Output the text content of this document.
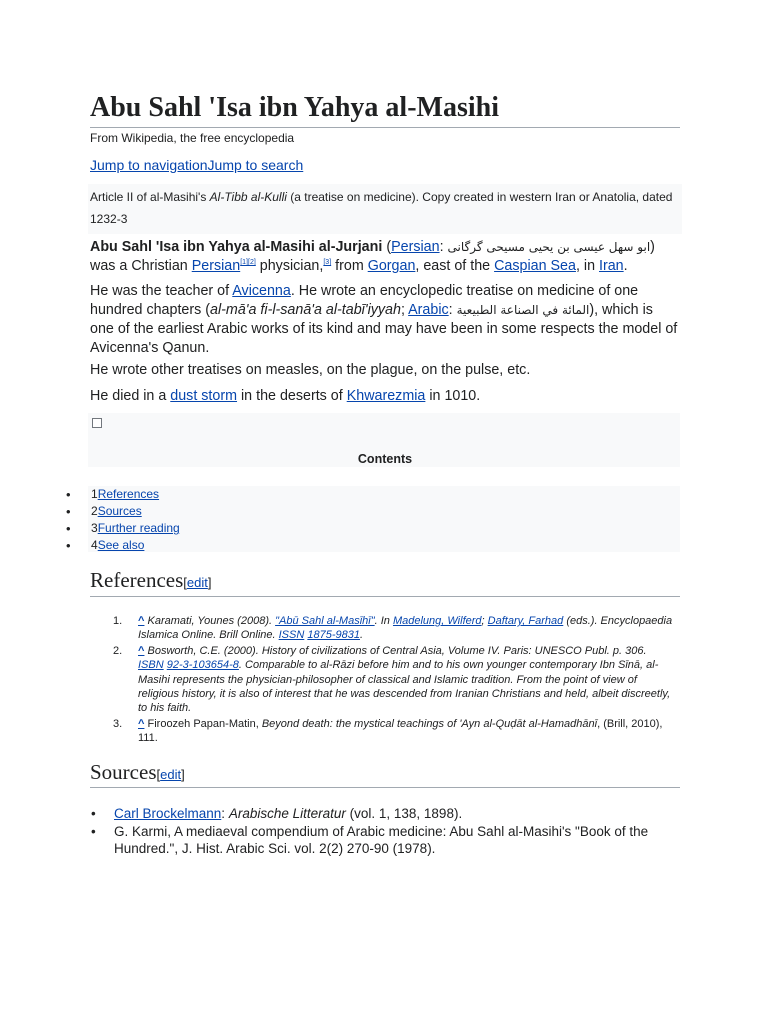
Abu Sahl 'Isa ibn Yahya al-Masihi
From Wikipedia, the free encyclopedia
Jump to navigationJump to search
Article II of al-Masihi's Al-Tibb al-Kulli (a treatise on medicine). Copy created in western Iran or Anatolia, dated 1232-3
Abu Sahl 'Isa ibn Yahya al-Masihi al-Jurjani (Persian: ابو سهل عیسی بن یحیی مسیحی گرگانی) was a Christian Persian[1][2] physician,[3] from Gorgan, east of the Caspian Sea, in Iran.
He was the teacher of Avicenna. He wrote an encyclopedic treatise on medicine of one hundred chapters (al-mā'a fi-l-sanā'a al-tabī'iyyah; Arabic: المائة في الصناعة الطبيعية), which is one of the earliest Arabic works of its kind and may have been in some respects the model of Avicenna's Qanun.
He wrote other treatises on measles, on the plague, on the pulse, etc.
He died in a dust storm in the deserts of Khwarezmia in 1010.
Contents
References[edit]
Sources[edit]
1. ^ Karamati, Younes (2008). "Abū Sahl al-Masīhī". In Madelung, Wilferd; Daftary, Farhad (eds.). Encyclopaedia Islamica Online. Brill Online. ISSN 1875-9831.
2. ^ Bosworth, C.E. (2000). History of civilizations of Central Asia, Volume IV. Paris: UNESCO Publ. p. 306. ISBN 92-3-103654-8. Comparable to al-Rāzi before him and to his own younger contemporary Ibn Sīnā, al-Masihi represents the physician-philosopher of classical and Islamic tradition. From the point of view of religious history, it is also of interest that he was descended from Iranian Christians and held, albeit discreetly, to his faith.
3. ^ Firoozeh Papan-Matin, Beyond death: the mystical teachings of 'Ayn al-Quḍāt al-Hamadhānī, (Brill, 2010), 111.
• Carl Brockelmann: Arabische Litteratur (vol. 1, 138, 1898).
• G. Karmi, A mediaeval compendium of Arabic medicine: Abu Sahl al-Masihi's "Book of the Hundred.", J. Hist. Arabic Sci. vol. 2(2) 270-90 (1978).
• 1References
• 2Sources
• 3Further reading
• 4See also
